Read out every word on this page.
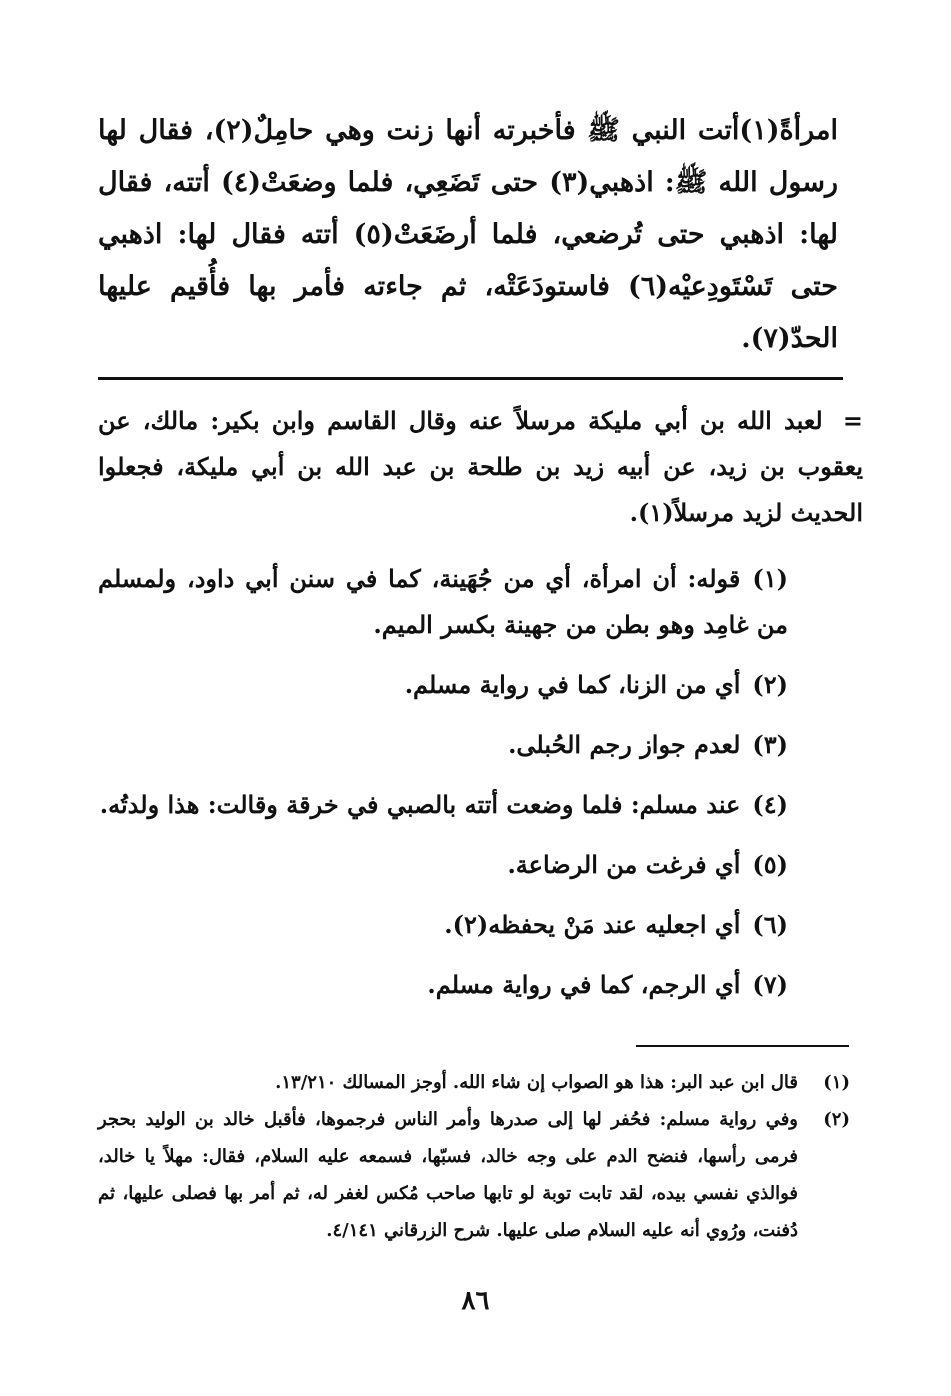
امرأةً(١)أتت النبي ﷺ فأخبرته أنها زنت وهي حامِلٌ(٢)، فقال لها رسول الله ﷺ: اذهبي(٣) حتى تَضَعِي، فلما وضعَتْ(٤) أتته، فقال لها: اذهبي حتى تُرضعي، فلما أرضَعَتْ(٥) أتته فقال لها: اذهبي حتى تَسْتَودِعيْه(٦) فاستودَعَتْه، ثم جاءته فأمر بها فأُقيم عليها الحدّ(٧).

= لعبد الله بن أبي مليكة مرسلاً عنه وقال القاسم وابن بكير: مالك، عن يعقوب بن زيد، عن أبيه زيد بن طلحة بن عبد الله بن أبي مليكة، فجعلوا الحديث لزيد مرسلاً(١).

(١)قوله: أن امرأة، أي من جُهَينة، كما في سنن أبي داود، ولمسلم من غامِد وهو بطن من جهينة بكسر الميم.

(٢)أي من الزنا، كما في رواية مسلم.

(٣)لعدم جواز رجم الحُبلى.

(٤)عند مسلم: فلما وضعت أتته بالصبي في خرقة وقالت: هذا ولدتُه.

(٥)أي فرغت من الرضاعة.

(٦)أي اجعليه عند مَنْ يحفظه(٢).

(٧)أي الرجم، كما في رواية مسلم.

(١)
قال ابن عبد البر: هذا هو الصواب إن شاء الله. أوجز المسالك ١٣/٢١٠.
(٢)
وفي رواية مسلم: فحُفر لها إلى صدرها وأمر الناس فرجموها، فأقبل خالد بن الوليد بحجر فرمى رأسها، فنضح الدم على وجه خالد، فسبّها، فسمعه عليه السلام، فقال: مهلاً يا خالد، فوالذي نفسي بيده، لقد تابت توبة لو تابها صاحب مُكس لغفر له، ثم أمر بها فصلى عليها، ثم دُفنت، ورُوي أنه عليه السلام صلى عليها. شرح الزرقاني ٤/١٤١.
٨٦
